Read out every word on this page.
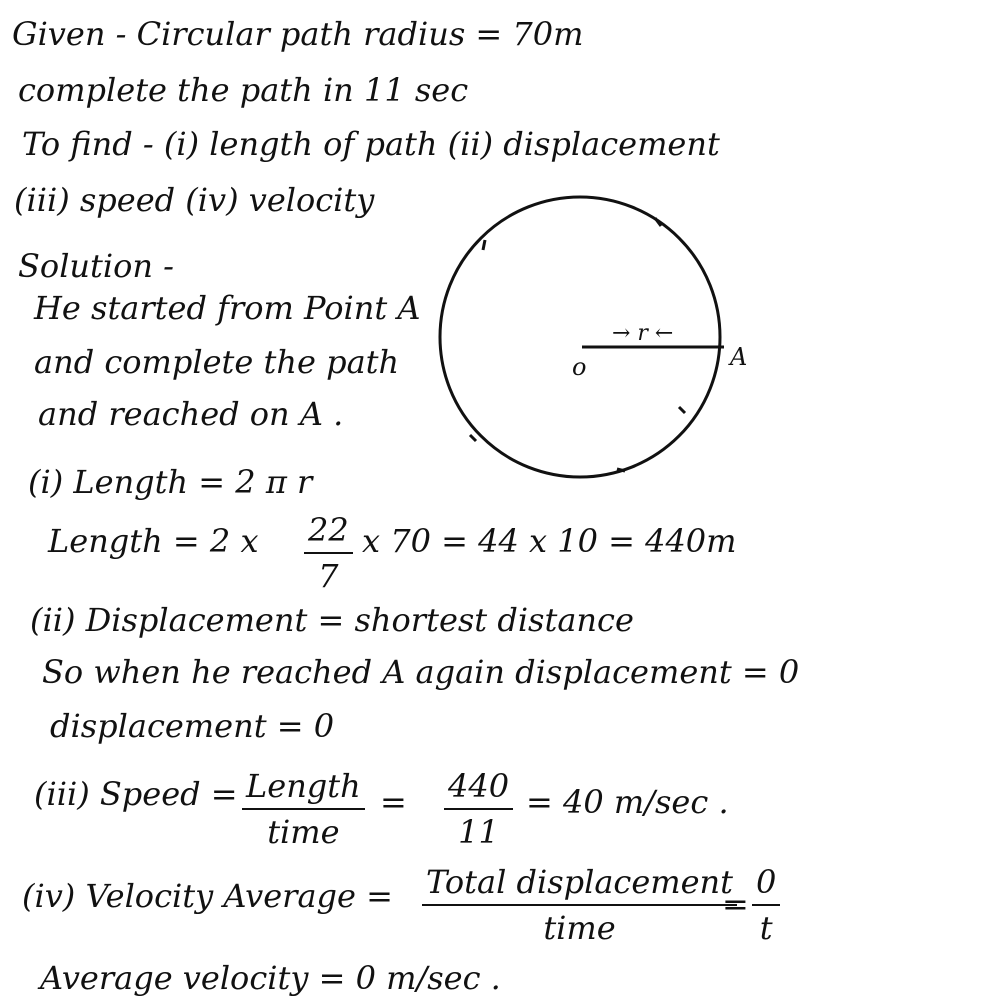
Given - Circular path radius = 70m
complete the path in 11 sec
To find - (i) length of path (ii) displacement
(iii) speed (iv) velocity
Solution -
He started from Point A
and complete the path
and reached on A .
o	A
→ r ←
(i) Length = 2 π r
Length = 2 x 22
7
x 70 = 44 x 10 = 440m
(ii) Displacement = shortest distance
So when he reached A again displacement = 0
displacement = 0
(iii) Speed = Length
time
= 440
11
= 40 m/sec .
(iv) Velocity Average = Total displacement
time
=
0
t
Average velocity = 0 m/sec .
